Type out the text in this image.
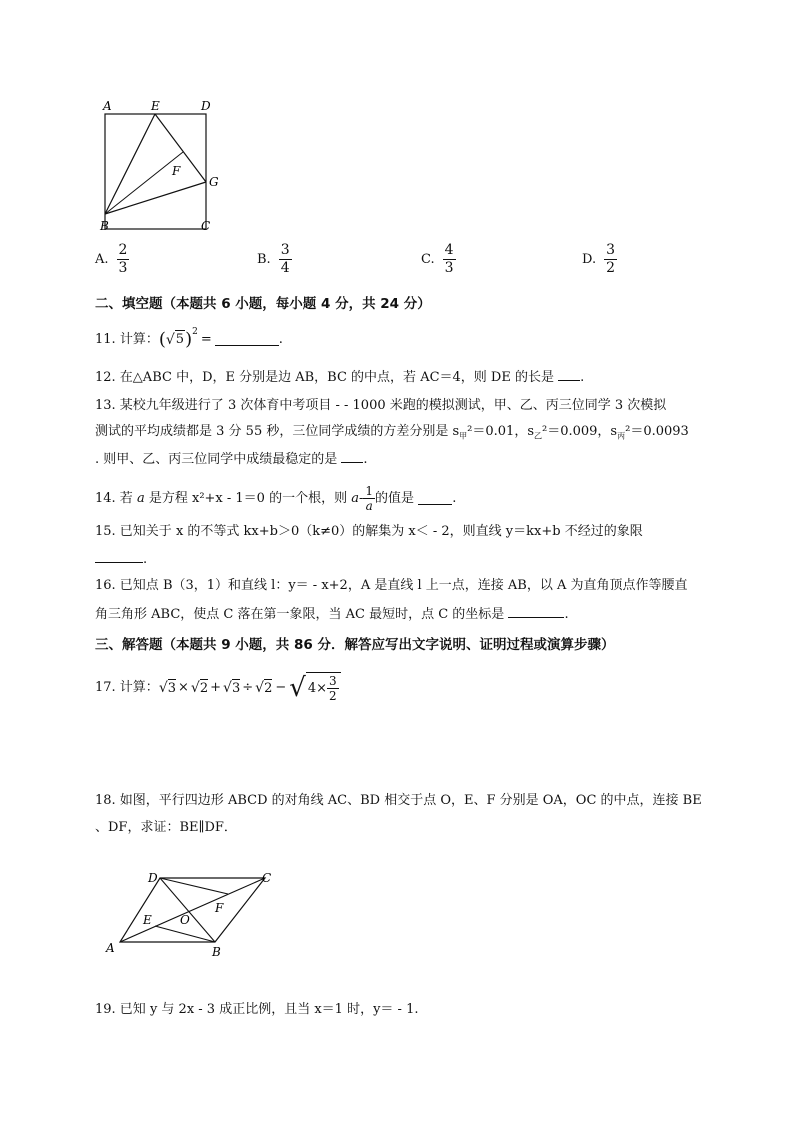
A	E	D
F
G
B	C
A. $\frac{2}{3}$	B. $\frac{3}{4}$	C. $\frac{4}{3}$	D. $\frac{3}{2}$
二、填空题（本题共 6 小题，每小题 4 分，共 24 分）
11.
计算： ( √ 5 ) 2 =	.
12. 在△ABC 中，D，E 分别是边 AB，BC 的中点，若 AC＝4，则 DE 的长是 .
13. 某校九年级进行了 3 次体育中考项目 - - 1000 米跑的模拟测试，甲、乙、丙三位同学 3 次模拟
测试的平均成绩都是 3 分 55 秒，三位同学成绩的方差分别是 $s_甲^2=0.01$，$s_乙^2=0.009$，$s_丙^2=0.0093$
. 则甲、乙、丙三位同学中成绩最稳定的是 .
14. 若
a
是方程 x²+x - 1＝0 的一个根，则
a - $\frac{1}{a}$ 的值是
	.
15. 已知关于 x 的不等式 kx+b＞0（k≠0）的解集为 x＜ - 2，则直线 y＝kx+b 不经过的象限
.
16. 已知点 B（3，1）和直线 l：y＝ - x+2，A 是直线 l 上一点，连接 AB，以 A 为直角顶点作等腰直
角三角形 ABC，使点 C 落在第一象限，当 AC 最短时，点 C 的坐标是	.
三、解答题（本题共 9 小题，共 86 分．解答应写出文字说明、证明过程或演算步骤）
17. 计算： √ 3 × √ 2 + √ 3 ÷ √ 2 − √ $4\times \frac{3}{2}$
18. 如图，平行四边形 ABCD 的对角线 AC、BD 相交于点 O，E、F 分别是 OA，OC 的中点，连接 BE
、DF，求证：BE∥DF．
D	C
E O
F
A	B
19. 已知 y 与 2x - 3 成正比例，且当 x＝1 时，y＝ - 1.
